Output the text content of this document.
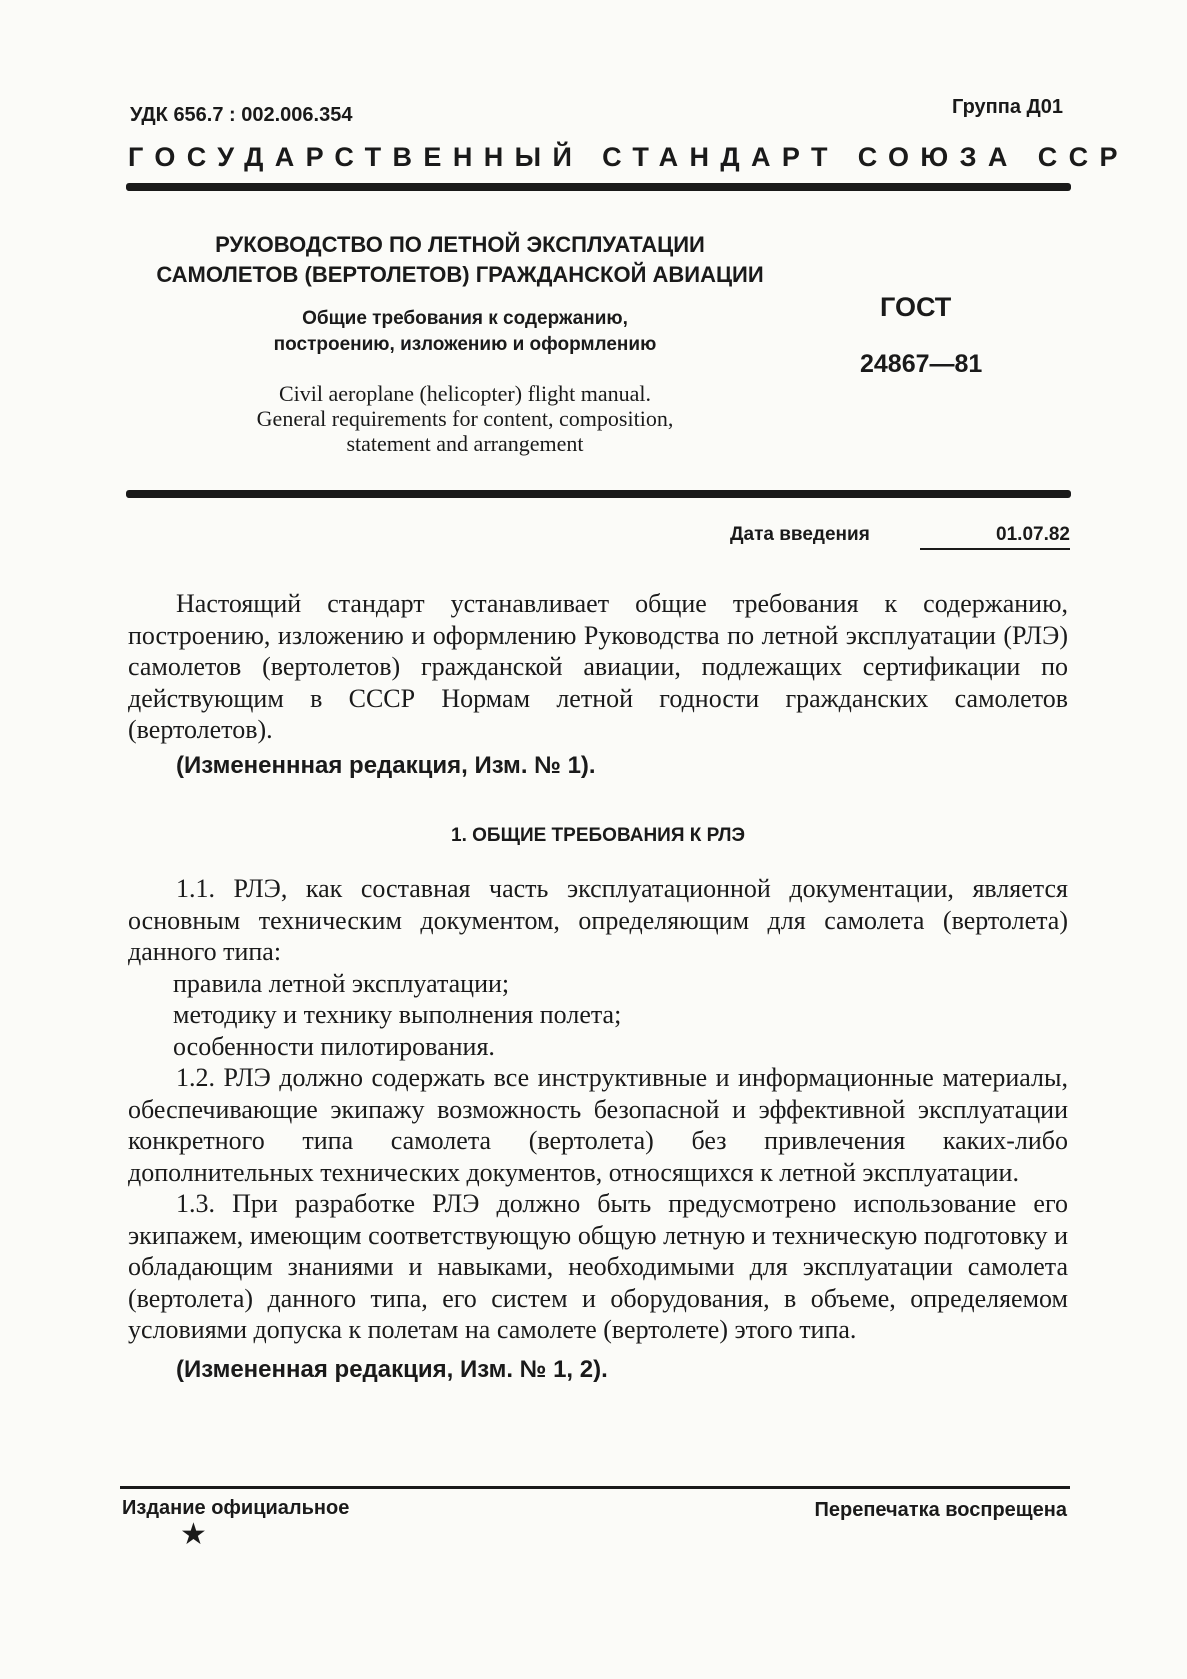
УДК 656.7 : 002.006.354	Группа Д01
ГОСУДАРСТВЕННЫЙ СТАНДАРТ СОЮЗА ССР
РУКОВОДСТВО ПО ЛЕТНОЙ ЭКСПЛУАТАЦИИ
САМОЛЕТОВ (ВЕРТОЛЕТОВ) ГРАЖДАНСКОЙ АВИАЦИИ
Общие требования к содержанию,
построению, изложению и оформлению
Civil aeroplane (helicopter) flight manual.
General requirements for content, composition,
statement and arrangement
ГОСТ
24867—81
Дата введения	01.07.82

Настоящий стандарт устанавливает общие требования к содержанию, построению, изложению и оформлению Руководства по летной эксплуатации (РЛЭ) самолетов (вертолетов) гражданской авиации, подлежащих сертификации по действующим в СССР Нормам летной годности гражданских самолетов (вертолетов).

(Измененнная редакция, Изм. № 1).

1. ОБЩИЕ ТРЕБОВАНИЯ К РЛЭ

1.1. РЛЭ, как составная часть эксплуатационной документации, является основным техническим документом, определяющим для самолета (вертолета) данного типа:

правила летной эксплуатации;

методику и технику выполнения полета;

особенности пилотирования.

1.2. РЛЭ должно содержать все инструктивные и информационные материалы, обеспечивающие экипажу возможность безопасной и эффективной эксплуатации конкретного типа самолета (вертолета) без привлечения каких-либо дополнительных технических документов, относящихся к летной эксплуатации.

1.3. При разработке РЛЭ должно быть предусмотрено использование его экипажем, имеющим соответствующую общую летную и техническую подготовку и обладающим знаниями и навыками, необходимыми для эксплуатации самолета (вертолета) данного типа, его систем и оборудования, в объеме, определяемом условиями допуска к полетам на самолете (вертолете) этого типа.

(Измененная редакция, Изм. № 1, 2).

Издание официальное	Перепечатка воспрещена
★
